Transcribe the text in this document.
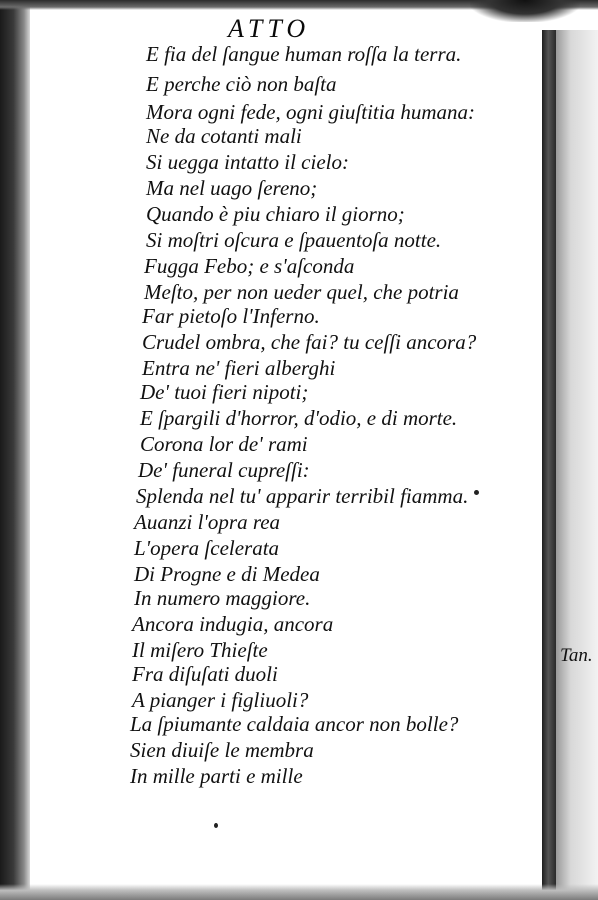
ATTO
E fia del ſangue human roſſa la terra.
E perche ciò non baſta
Mora ogni fede, ogni giuſtitia humana:
Ne da cotanti mali
Si uegga intatto il cielo:
Ma nel uago ſereno;
Quando è piu chiaro il giorno;
Si moſtri oſcura e ſpauentoſa notte.
Fugga Febo; e s'aſconda
Meſto, per non ueder quel, che potria
Far pietoſo l'Inferno.
Crudel ombra, che fai? tu ceſſi ancora?
Entra ne' fieri alberghi
De' tuoi fieri nipoti;
E ſpargili d'horror, d'odio, e di morte.
Corona lor de' rami
De' funeral cupreſſi:
Splenda nel tu' apparir terribil fiamma.
Auanzi l'opra rea
L'opera ſcelerata
Di Progne e di Medea
In numero maggiore.
Ancora indugia, ancora
Il miſero Thieſte
Fra diſuſati duoli
A pianger i figliuoli?
La ſpiumante caldaia ancor non bolle?
Sien diuiſe le membra
In mille parti e mille
Tan.
